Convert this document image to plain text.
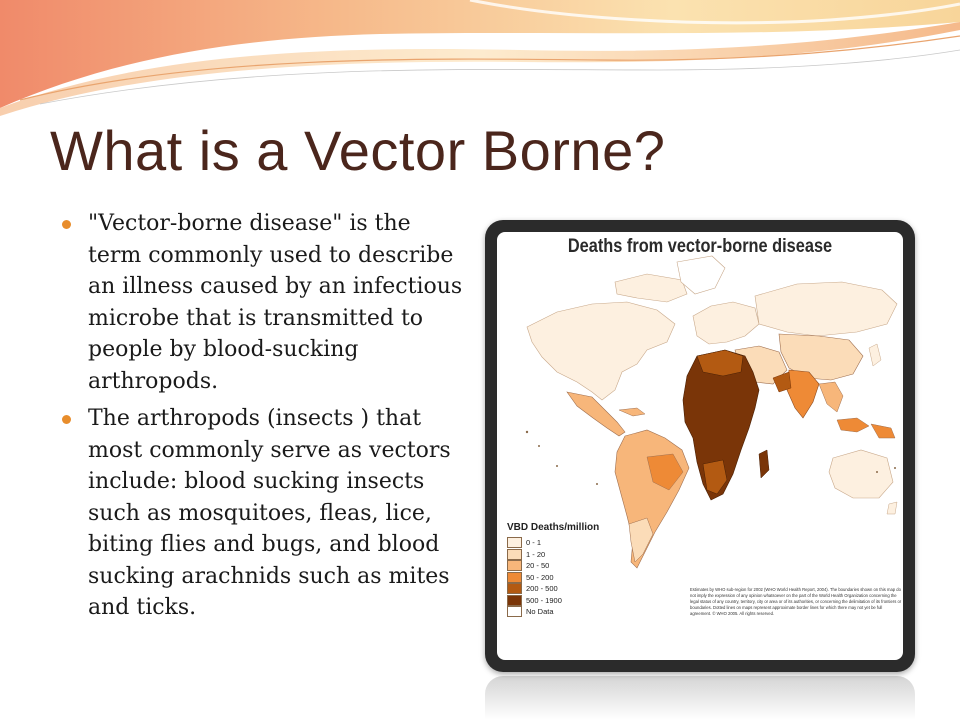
What is a Vector Borne?
"Vector-borne disease" is the term commonly used to describe an illness caused by an infectious microbe that is transmitted to people by blood-sucking arthropods.
The arthropods (insects ) that most commonly serve as vectors include: blood sucking insects such as mosquitoes, fleas, lice, biting flies and bugs, and blood sucking arachnids such as mites and ticks.
Deaths from vector-borne disease
VBD Deaths/million
0 - 1
1 - 20
20 - 50
50 - 200
200 - 500
500 - 1900
No Data
Estimates by WHO sub-region for 2002 (WHO World Health Report, 2004). The boundaries shown on this map do not imply the expression of any opinion whatsoever on the part of the World Health Organization concerning the legal status of any country, territory, city or area or of its authorities, or concerning the delimitation of its frontiers or boundaries. Dotted lines on maps represent approximate border lines for which there may not yet be full agreement. © WHO 2005. All rights reserved.
